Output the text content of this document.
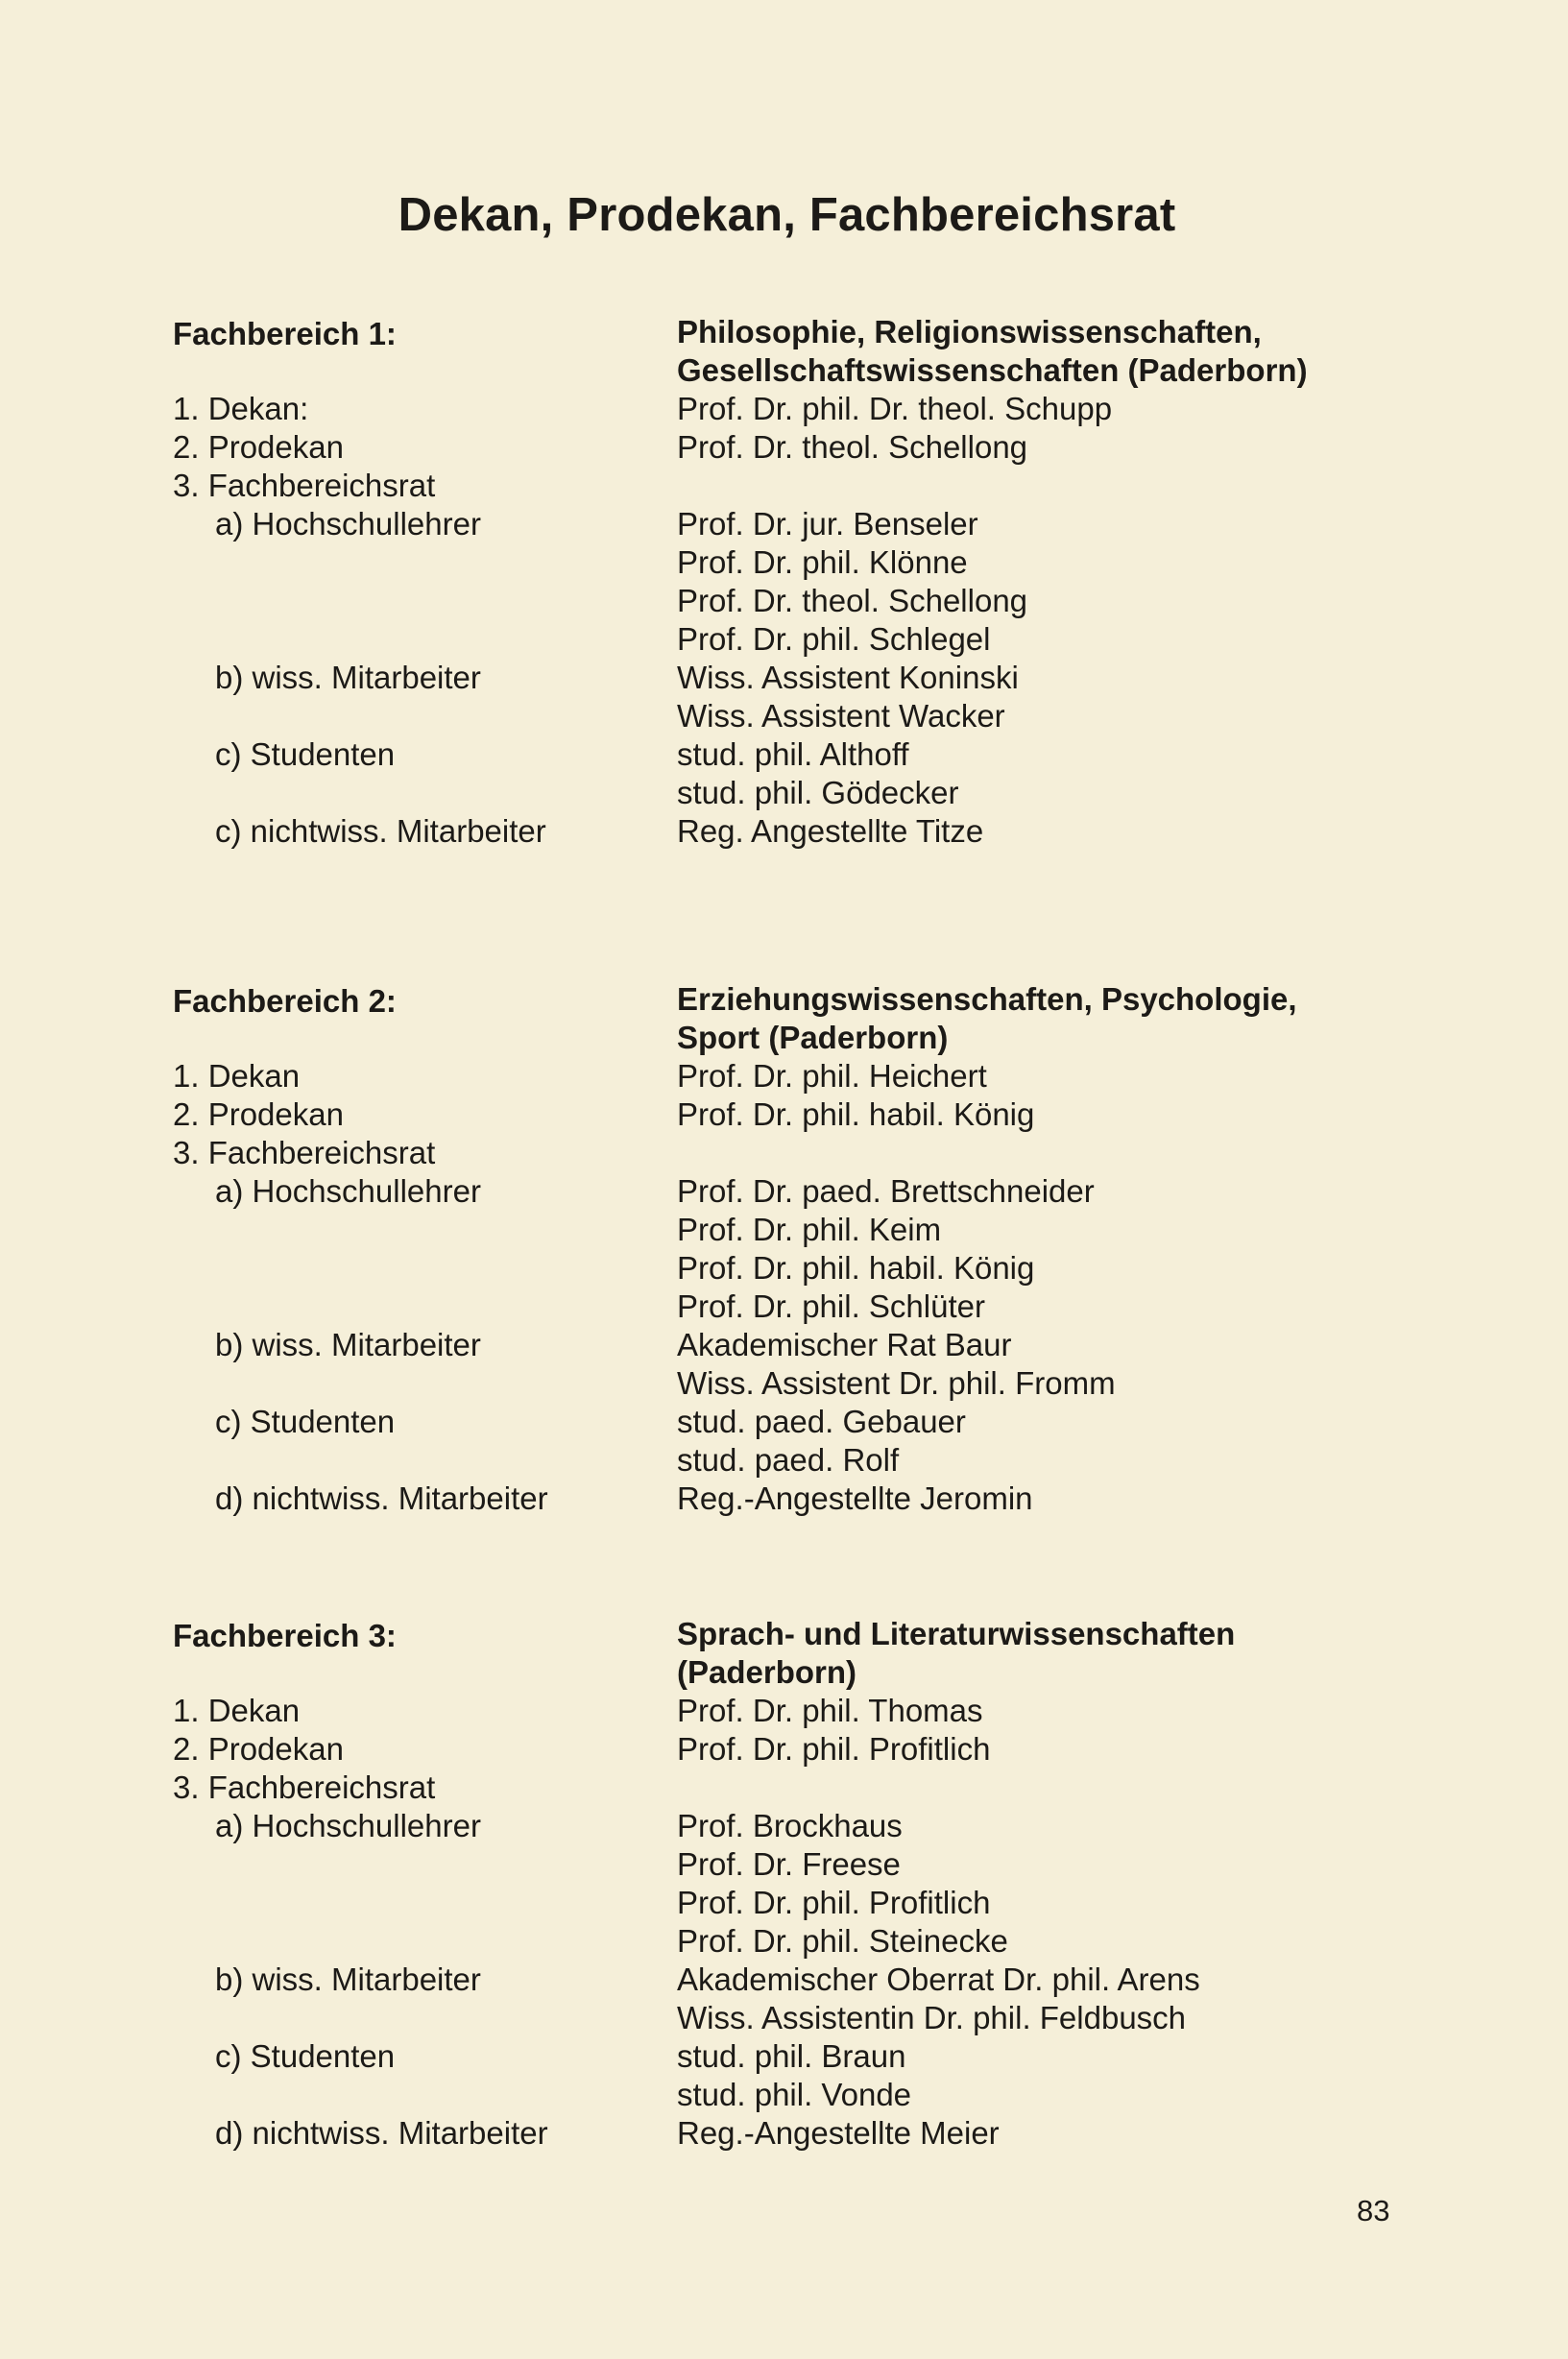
Dekan, Prodekan, Fachbereichsrat
Fachbereich 1:	Philosophie, Religionswissenschaften,
Gesellschaftswissenschaften (Paderborn)
1. Dekan:	Prof. Dr. phil. Dr. theol. Schupp
2. Prodekan	Prof. Dr. theol. Schellong
3. Fachbereichsrat
a) Hochschullehrer	Prof. Dr. jur. Benseler
Prof. Dr. phil. Klönne
Prof. Dr. theol. Schellong
Prof. Dr. phil. Schlegel
b) wiss. Mitarbeiter	Wiss. Assistent Koninski
Wiss. Assistent Wacker
c) Studenten	stud. phil. Althoff
stud. phil. Gödecker
c) nichtwiss. Mitarbeiter	Reg. Angestellte Titze
Fachbereich 2:	Erziehungswissenschaften, Psychologie,
Sport (Paderborn)
1. Dekan	Prof. Dr. phil. Heichert
2. Prodekan	Prof. Dr. phil. habil. König
3. Fachbereichsrat
a) Hochschullehrer	Prof. Dr. paed. Brettschneider
Prof. Dr. phil. Keim
Prof. Dr. phil. habil. König
Prof. Dr. phil. Schlüter
b) wiss. Mitarbeiter	Akademischer Rat Baur
Wiss. Assistent Dr. phil. Fromm
c) Studenten	stud. paed. Gebauer
stud. paed. Rolf
d) nichtwiss. Mitarbeiter	Reg.-Angestellte Jeromin
Fachbereich 3:	Sprach- und Literaturwissenschaften
(Paderborn)
1. Dekan	Prof. Dr. phil. Thomas
2. Prodekan	Prof. Dr. phil. Profitlich
3. Fachbereichsrat
a) Hochschullehrer	Prof. Brockhaus
Prof. Dr. Freese
Prof. Dr. phil. Profitlich
Prof. Dr. phil. Steinecke
b) wiss. Mitarbeiter	Akademischer Oberrat Dr. phil. Arens
Wiss. Assistentin Dr. phil. Feldbusch
c) Studenten	stud. phil. Braun
stud. phil. Vonde
d) nichtwiss. Mitarbeiter	Reg.-Angestellte Meier
83
